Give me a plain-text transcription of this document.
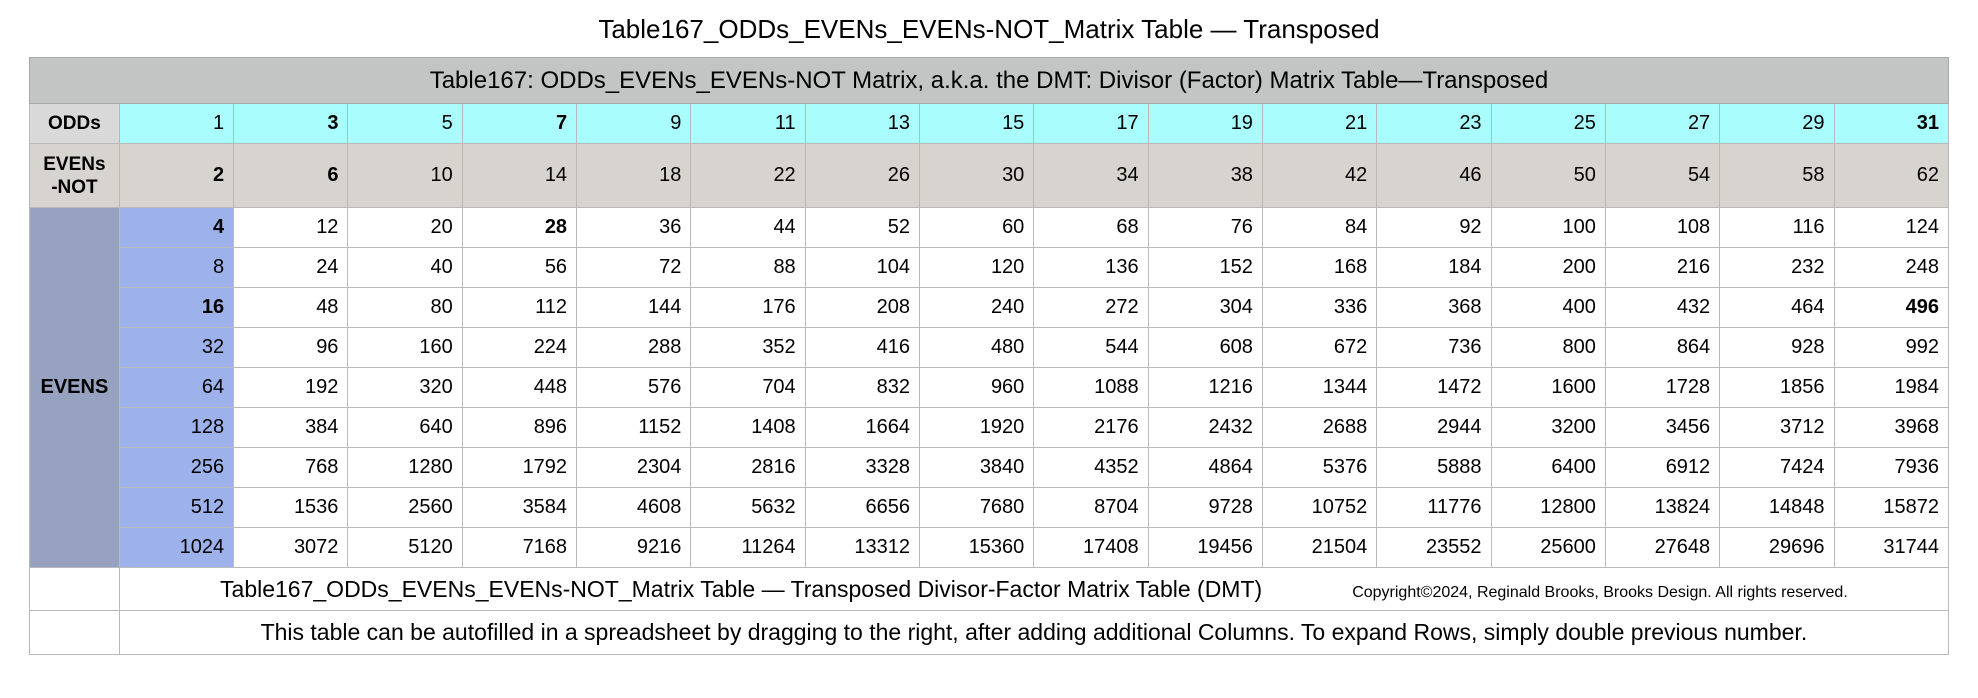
Table167_ODDs_EVENs_EVENs-NOT_Matrix Table — Transposed
Table167: ODDs_EVENs_EVENs-NOT Matrix, a.k.a. the DMT: Divisor (Factor) Matrix Table—Transposed																
ODDs	1	3	5	7	9	11	13	15	17	19	21	23	25	27	29	31
EVENs
-NOT	2	6	10	14	18	22	26	30	34	38	42	46	50	54	58	62
EVENS	4	12	20	28	36	44	52	60	68	76	84	92	100	108	116	124
	8	24	40	56	72	88	104	120	136	152	168	184	200	216	232	248
	16	48	80	112	144	176	208	240	272	304	336	368	400	432	464	496
	32	96	160	224	288	352	416	480	544	608	672	736	800	864	928	992
	64	192	320	448	576	704	832	960	1088	1216	1344	1472	1600	1728	1856	1984
	128	384	640	896	1152	1408	1664	1920	2176	2432	2688	2944	3200	3456	3712	3968
	256	768	1280	1792	2304	2816	3328	3840	4352	4864	5376	5888	6400	6912	7424	7936
	512	1536	2560	3584	4608	5632	6656	7680	8704	9728	10752	11776	12800	13824	14848	15872
	1024	3072	5120	7168	9216	11264	13312	15360	17408	19456	21504	23552	25600	27648	29696	31744
	Table167_ODDs_EVENs_EVENs-NOT_Matrix Table — Transposed Divisor-Factor Matrix Table (DMT) Copyright©2024, Reginald Brooks, Brooks Design. All rights reserved.															
	This table can be autofilled in a spreadsheet by dragging to the right, after adding additional Columns. To expand Rows, simply double previous number.															
